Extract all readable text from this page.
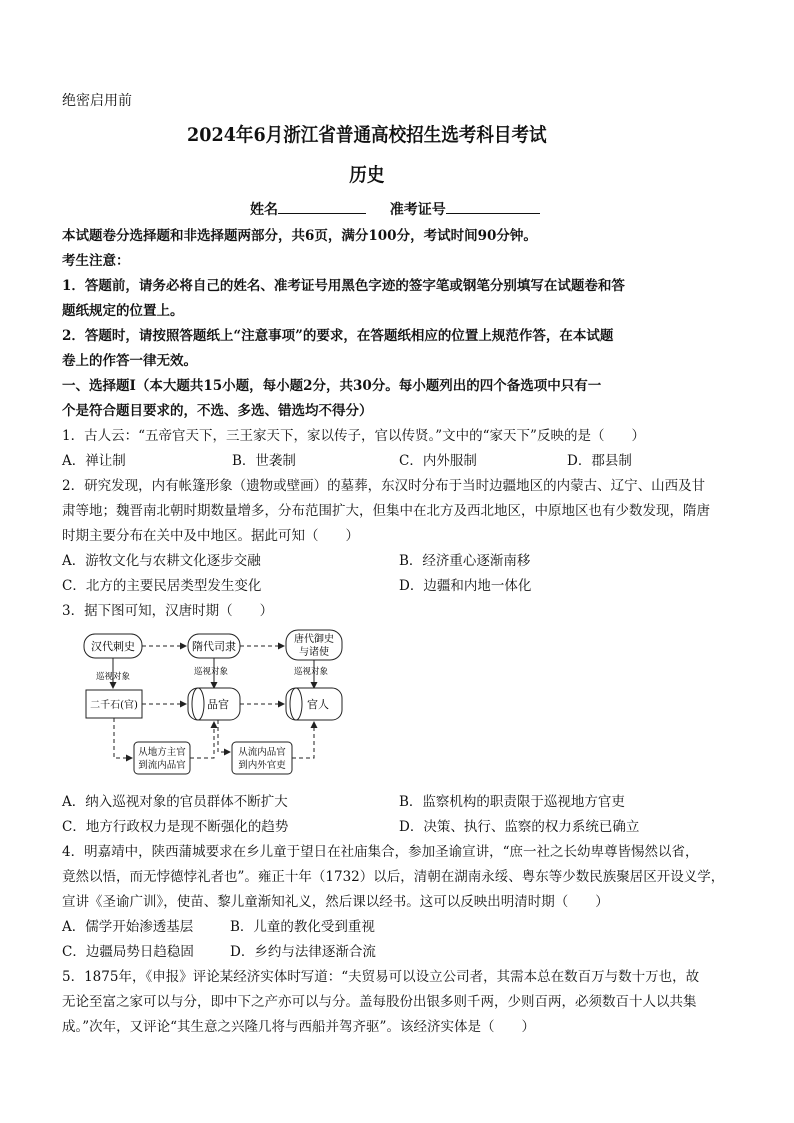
绝密启用前
2024年6月浙江省普通高校招生选考科目考试
历史
姓名	准考证号
本试题卷分选择题和非选择题两部分，共6页，满分100分，考试时间90分钟。
考生注意：
1．答题前，请务必将自己的姓名、准考证号用黑色字迹的签字笔或钢笔分别填写在试题卷和答
题纸规定的位置上。
2．答题时，请按照答题纸上“注意事项”的要求，在答题纸相应的位置上规范作答，在本试题
卷上的作答一律无效。
一、选择题Ⅰ（本大题共15小题，每小题2分，共30分。每小题列出的四个备选项中只有一
个是符合题目要求的，不选、多选、错选均不得分）
1．古人云：“五帝官天下，三王家天下，家以传子，官以传贤。”文中的“家天下”反映的是（　　）
A．禅让制	B．世袭制	C．内外服制	D．郡县制
2．研究发现，内有帐篷形象（遗物或壁画）的墓葬，东汉时分布于当时边疆地区的内蒙古、辽宁、山西及甘
肃等地；魏晋南北朝时期数量增多，分布范围扩大，但集中在北方及西北地区，中原地区也有少数发现，隋唐
时期主要分布在关中及中地区。据此可知（　　）
A．游牧文化与农耕文化逐步交融	B．经济重心逐渐南移
C．北方的主要民居类型发生变化	D．边疆和内地一体化
3．据下图可知，汉唐时期（　　）
汉代刺史	隋代司隶
唐代御史
与诸使
巡视对象	巡视对象	巡视对象
二千石(官)	品官	官人
从地方主官
到流内品官
从流内品官
到内外官吏
A．纳入巡视对象的官员群体不断扩大	B．监察机构的职责限于巡视地方官吏
C．地方行政权力是现不断强化的趋势	D．决策、执行、监察的权力系统已确立
4．明嘉靖中，陕西蒲城要求在乡儿童于望日在社庙集合，参加圣谕宣讲，“庶一社之长幼卑尊皆惕然以省，
竟然以悟，而无悖德悖礼者也”。雍正十年（1732）以后，清朝在湖南永绥、粤东等少数民族聚居区开设义学，
宣讲《圣谕广训》，使苗、黎儿童渐知礼义，然后课以经书。这可以反映出明清时期（　　）
A．儒学开始渗透基层	B．儿童的教化受到重视
C．边疆局势日趋稳固	D．乡约与法律逐渐合流
5．1875年，《申报》评论某经济实体时写道：“夫贸易可以设立公司者，其需本总在数百万与数十万也，故
无论至富之家可以与分，即中下之产亦可以与分。盖每股份出银多则千两，少则百两，必须数百十人以共集
成。”次年，又评论“其生意之兴隆几将与西船并驾齐驱”。该经济实体是（　　）
